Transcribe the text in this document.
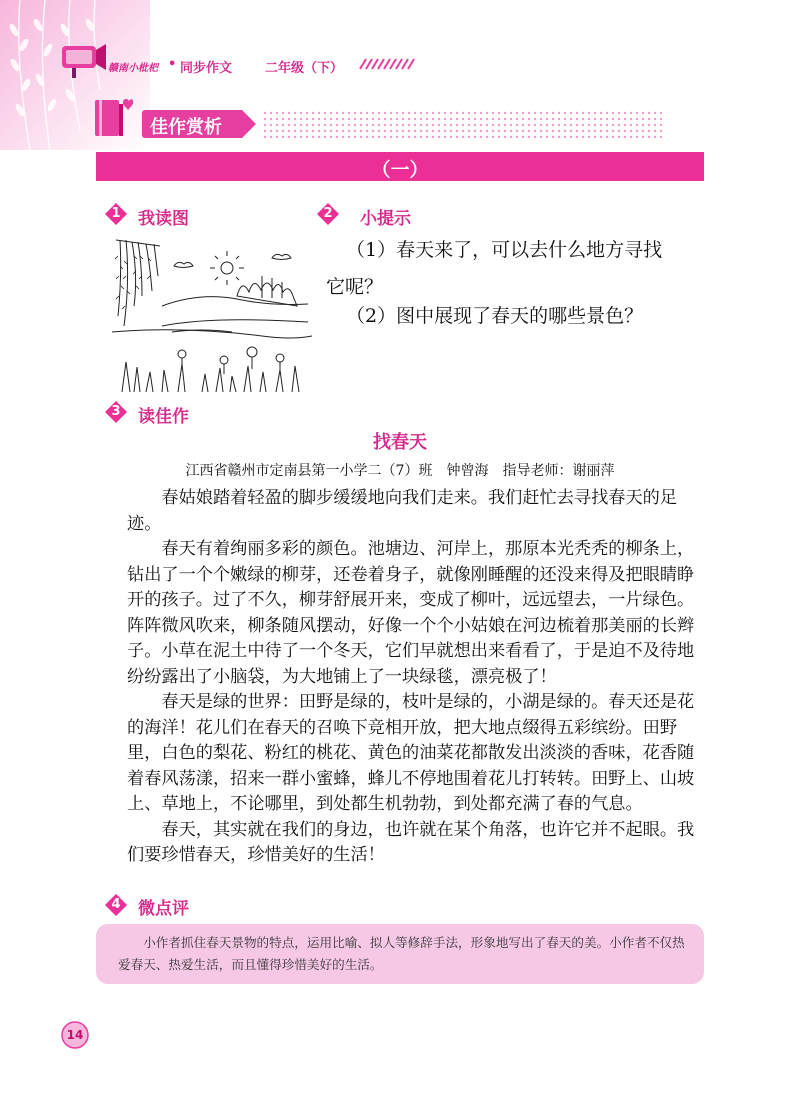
赣南小枇杷 • 同步作文	二年级（下）
佳作赏析
（一）
1	我读图	2	小提示
（1）春天来了，可以去什么地方寻找
它呢？
（2）图中展现了春天的哪些景色？
3	读佳作
找春天
江西省赣州市定南县第一小学二（7）班　钟曾海　指导老师：谢丽萍

春姑娘踏着轻盈的脚步缓缓地向我们走来。我们赶忙去寻找春天的足迹。

春天有着绚丽多彩的颜色。池塘边、河岸上，那原本光秃秃的柳条上，钻出了一个个嫩绿的柳芽，还卷着身子，就像刚睡醒的还没来得及把眼睛睁开的孩子。过了不久，柳芽舒展开来，变成了柳叶，远远望去，一片绿色。阵阵微风吹来，柳条随风摆动，好像一个个小姑娘在河边梳着那美丽的长辫子。小草在泥土中待了一个冬天，它们早就想出来看看了，于是迫不及待地纷纷露出了小脑袋，为大地铺上了一块绿毯，漂亮极了！

春天是绿的世界：田野是绿的，枝叶是绿的，小湖是绿的。春天还是花的海洋！花儿们在春天的召唤下竞相开放，把大地点缀得五彩缤纷。田野里，白色的梨花、粉红的桃花、黄色的油菜花都散发出淡淡的香味，花香随着春风荡漾，招来一群小蜜蜂，蜂儿不停地围着花儿打转转。田野上、山坡上、草地上，不论哪里，到处都生机勃勃，到处都充满了春的气息。

春天，其实就在我们的身边，也许就在某个角落，也许它并不起眼。我们要珍惜春天，珍惜美好的生活！

4	微点评
小作者抓住春天景物的特点，运用比喻、拟人等修辞手法，形象地写出了春天的美。小作者不仅热爱春天、热爱生活，而且懂得珍惜美好的生活。
14
